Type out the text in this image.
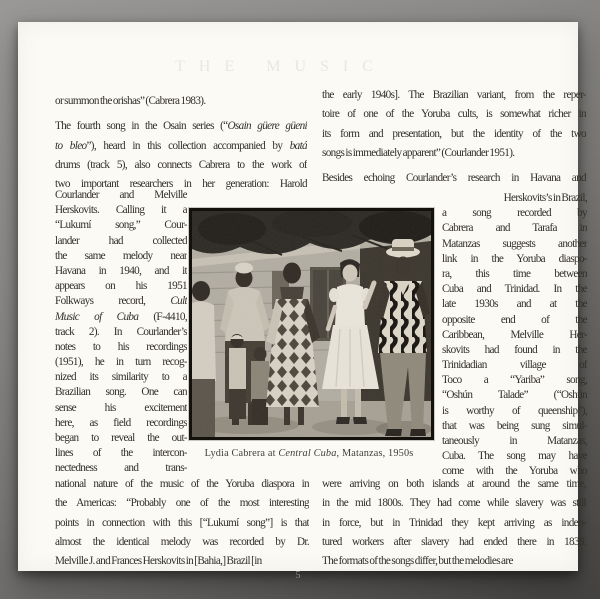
THE MUSIC
or summon the orishas” (Cabrera 1983).
The fourth song in the Osain series (“Osain güere güeni
to bleo”), heard in this collection accompanied by batá
drums (track 5), also connects Cabrera to the work of
two important researchers in her generation: Harold
Courlander and Melville
Herskovits. Calling it a
“Lukumí song,” Cour-
lander had collected
the same melody near
Havana in 1940, and it
appears on his 1951
Folkways record, Cult
Music of Cuba (F-4410,
track 2). In Courlander’s
notes to his recordings
(1951), he in turn recog-
nized its similarity to a
Brazilian song. One can
sense his excitement
here, as field recordings
began to reveal the out-
lines of the intercon-
nectedness and trans-
national nature of the music of the Yoruba diaspora in
the Americas: “Probably one of the most interesting
points in connection with this [“Lukumí song”] is that
almost the identical melody was recorded by Dr.
Melville J. and Frances Herskovits in [Bahia,] Brazil [in
the early 1940s]. The Brazilian variant, from the reper-
toire of one of the Yoruba cults, is somewhat richer in
its form and presentation, but the identity of the two
songs is immediately apparent” (Courlander 1951).
Besides echoing Courlander’s research in Havana and
Herskovits’s in Brazil,
a song recorded by
Cabrera and Tarafa in
Matanzas suggests another
link in the Yoruba diaspo-
ra, this time between
Cuba and Trinidad. In the
late 1930s and at the
opposite end of the
Caribbean, Melville Her-
skovits had found in the
Trinidadian village of
Toco a “Yariba” song,
“Oshún Talade” (“Oshún
is worthy of queenship”),
that was being sung simul-
taneously in Matanzas,
Cuba. The song may have
come with the Yoruba who
were arriving on both islands at around the same time,
in the mid 1800s. They had come while slavery was still
in force, but in Trinidad they kept arriving as inden-
tured workers after slavery had ended there in 1838.
The formats of the songs differ, but the melodies are
Lydia Cabrera at Central Cuba, Matanzas, 1950s
5
